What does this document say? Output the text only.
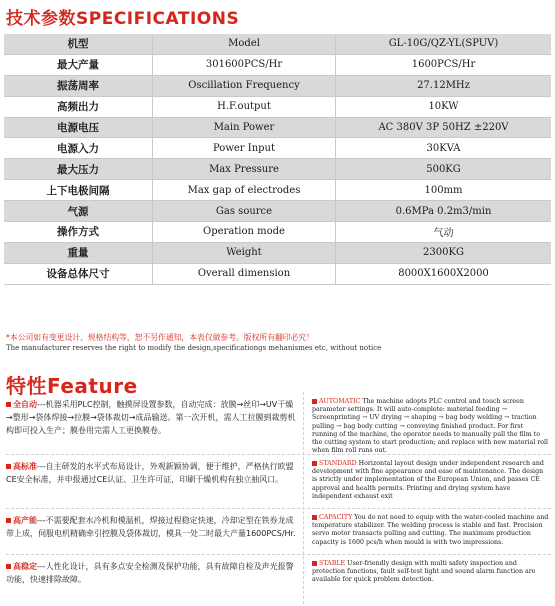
技术参数SPECIFICATIONS
机型	Model	GL-10G/QZ-YL(SPUV)
最大产量	301600PCS/Hr	1600PCS/Hr
振荡周率	Oscillation Frequency	27.12MHz
高频出力	H.F.output	10KW
电源电压	Main Power	AC 380V 3P 50HZ ±220V
电源入力	Power Input	30KVA
最大压力	Max Pressure	500KG
上下电极间隔	Max gap of electrodes	100mm
气源	Gas source	0.6MPa 0.2m3/min
操作方式	Operation mode	气动
重量	Weight	2300KG
设备总体尺寸	Overall dimension	8000X1600X2000
*本公司如有变更设计、规格结构等，恕不另作通知，本表仅做参考。版权所有翻印必究！
The manufacturer reserves the right to modify the design,specificationgs mehanismes etc, without notice
特性Feature
全自动---机器采用PLC控制，触摸屏设置参数，自动完成：放膜→丝印→UV干燥→整形→袋体焊接→拉膜→袋体裁切→成品输送。第一次开机，需人工拉膜到裁剪机构即可投入生产；膜卷用完需人工更换膜卷。
AUTOMATIC The machine adopts PLC control and touch screen parameter settings. It will auto-complete: material feeding → Screenprinting → UV drying → shaping → bag body welding → traction pulling → bag body cutting → conveying finished product. For first running of the machine, the operator needs to manually pull the film to the cutting system to start production; and replace with new material roll when film roll runs out.
高标准---自主研发的水平式布局设计，外观新颖协调，便于维护，严格执行欧盟CE安全标准，并申报通过CE认证、卫生许可证，印刷干燥机构有独立抽风口。
STANDARD Horizontal layout design under independent research and development with fine appearance and ease of maintenance. The design is strictly under implementation of the European Union, and passes CE approval and health permits. Printing and drying system have independent exhaust exit
高产能---不需要配套水冷机和模温机，焊接过程稳定快速，冷却定型在铁券龙成带上成，伺服电机精确牵引控膜及袋体裁切，模具一处二时最大产量1600PCS/Hr.
CAPACITY You do not need to equip with the water-cooled machine and temperature stabilizer. The welding process is stable and fast. Precision servo motor transacts pulling and cutting. The maximum production capacity is 1600 pcs/h when mould is with two impressions.
高稳定---人性化设计，具有多点安全检测及保护功能，具有故障自检及声光报警功能，快速排除故障。
STABLE User-friendly design with multi safety inspection and protection functions, fault self-test light and sound alarm function are available for quick problem detection.
